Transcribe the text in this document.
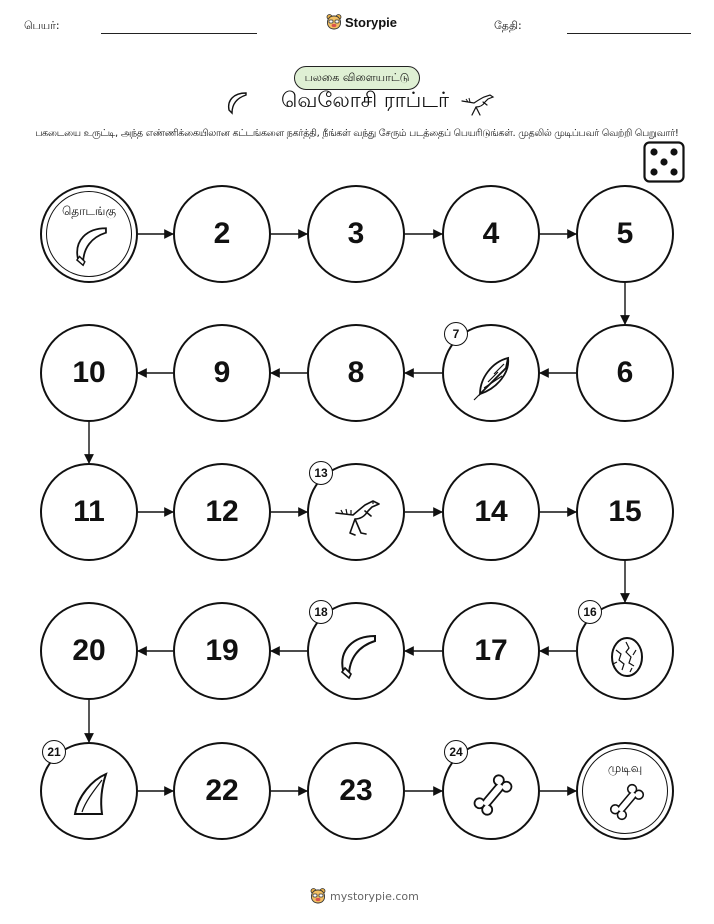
பெயர்:	Storypie	தேதி:
பலகை விளையாட்டு
வெலோசி ராப்டர்
பகடையை உருட்டி, அந்த எண்ணிக்கையிலான கட்டங்களை நகர்த்தி, நீங்கள் வந்து சேரும் படத்தைப் பெயரிடுங்கள். முதலில் முடிப்பவர் வெற்றி பெறுவார்!
முடிவு
23
22
20	19	17
15
14
12
11
10	9	8	6
5
4
3
2
தொடங்கு
7
13
16
18
21	24
mystorypie.com
